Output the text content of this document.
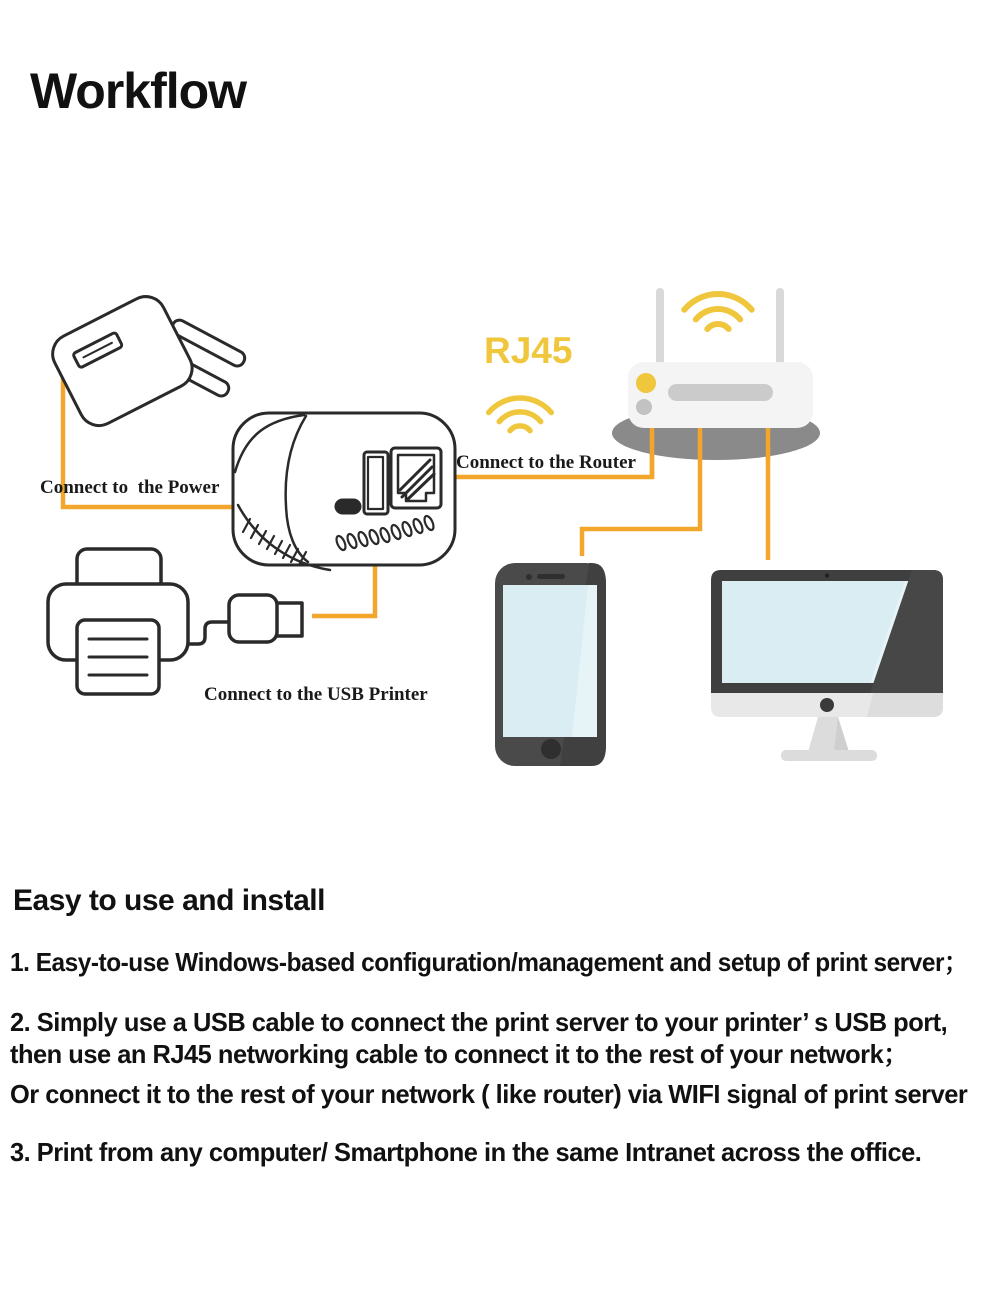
Workflow
RJ45
Connect to  the Power
Connect to the Router
Connect to the USB Printer
Easy to use and install
1. Easy-to-use Windows-based configuration/management and setup of print server；
2. Simply use a USB cable to connect the print server to your printer’ s USB port,
then use an RJ45 networking cable to connect it to the rest of your network；
Or connect it to the rest of your network ( like router) via WIFI signal of print server
3. Print from any computer/ Smartphone in the same Intranet across the office.
